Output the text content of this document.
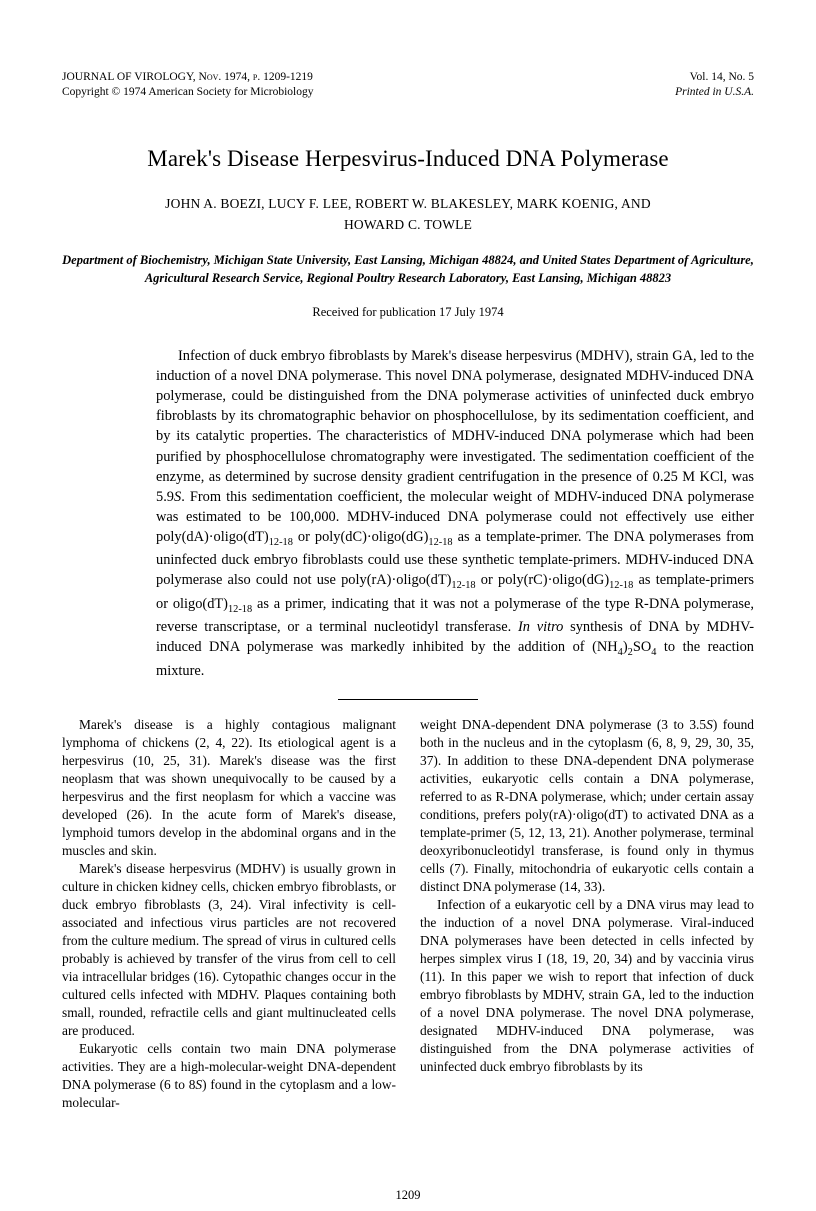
JOURNAL OF VIROLOGY, Nov. 1974, p. 1209-1219
Copyright © 1974 American Society for Microbiology
Vol. 14, No. 5
Printed in U.S.A.
Marek's Disease Herpesvirus-Induced DNA Polymerase
JOHN A. BOEZI, LUCY F. LEE, ROBERT W. BLAKESLEY, MARK KOENIG, AND
HOWARD C. TOWLE
Department of Biochemistry, Michigan State University, East Lansing, Michigan 48824, and United States Department of Agriculture, Agricultural Research Service, Regional Poultry Research Laboratory, East Lansing, Michigan 48823
Received for publication 17 July 1974
Infection of duck embryo fibroblasts by Marek's disease herpesvirus (MDHV), strain GA, led to the induction of a novel DNA polymerase. This novel DNA polymerase, designated MDHV-induced DNA polymerase, could be distinguished from the DNA polymerase activities of uninfected duck embryo fibroblasts by its chromatographic behavior on phosphocellulose, by its sedimentation coefficient, and by its catalytic properties. The characteristics of MDHV-induced DNA polymerase which had been purified by phosphocellulose chromatography were investigated. The sedimentation coefficient of the enzyme, as determined by sucrose density gradient centrifugation in the presence of 0.25 M KCl, was 5.9S. From this sedimentation coefficient, the molecular weight of MDHV-induced DNA polymerase was estimated to be 100,000. MDHV-induced DNA polymerase could not effectively use either $poly(dA)\cdot oligo(dT)_{12-18}$ or $poly(dC)\cdot oligo(dG)_{12-18}$ as a template-primer. The DNA polymerases from uninfected duck embryo fibroblasts could use these synthetic template-primers. MDHV-induced DNA polymerase also could not use $poly(rA)\cdot oligo(dT)_{12-18}$ or $poly(rC)\cdot oligo(dG)_{12-18}$ as template-primers or $oligo(dT)_{12-18}$ as a primer, indicating that it was not a polymerase of the type R-DNA polymerase, reverse transcriptase, or a terminal nucleotidyl transferase. In vitro synthesis of DNA by MDHV-induced DNA polymerase was markedly inhibited by the addition of $(NH_4)_2SO_4$ to the reaction mixture.

Marek's disease is a highly contagious malignant lymphoma of chickens (2, 4, 22). Its etiological agent is a herpesvirus (10, 25, 31). Marek's disease was the first neoplasm that was shown unequivocally to be caused by a herpesvirus and the first neoplasm for which a vaccine was developed (26). In the acute form of Marek's disease, lymphoid tumors develop in the abdominal organs and in the muscles and skin.

Marek's disease herpesvirus (MDHV) is usually grown in culture in chicken kidney cells, chicken embryo fibroblasts, or duck embryo fibroblasts (3, 24). Viral infectivity is cell-associated and infectious virus particles are not recovered from the culture medium. The spread of virus in cultured cells probably is achieved by transfer of the virus from cell to cell via intracellular bridges (16). Cytopathic changes occur in the cultured cells infected with MDHV. Plaques containing both small, rounded, refractile cells and giant multinucleated cells are produced.

Eukaryotic cells contain two main DNA polymerase activities. They are a high-molecular-weight DNA-dependent DNA polymerase (6 to 8S) found in the cytoplasm and a low-molecular-

weight DNA-dependent DNA polymerase (3 to 3.5S) found both in the nucleus and in the cytoplasm (6, 8, 9, 29, 30, 35, 37). In addition to these DNA-dependent DNA polymerase activities, eukaryotic cells contain a DNA polymerase, referred to as R-DNA polymerase, which; under certain assay conditions, prefers poly(rA)·oligo(dT) to activated DNA as a template-primer (5, 12, 13, 21). Another polymerase, terminal deoxyribonucleotidyl transferase, is found only in thymus cells (7). Finally, mitochondria of eukaryotic cells contain a distinct DNA polymerase (14, 33).

Infection of a eukaryotic cell by a DNA virus may lead to the induction of a novel DNA polymerase. Viral-induced DNA polymerases have been detected in cells infected by herpes simplex virus I (18, 19, 20, 34) and by vaccinia virus (11). In this paper we wish to report that infection of duck embryo fibroblasts by MDHV, strain GA, led to the induction of a novel DNA polymerase. The novel DNA polymerase, designated MDHV-induced DNA polymerase, was distinguished from the DNA polymerase activities of uninfected duck embryo fibroblasts by its

1209
